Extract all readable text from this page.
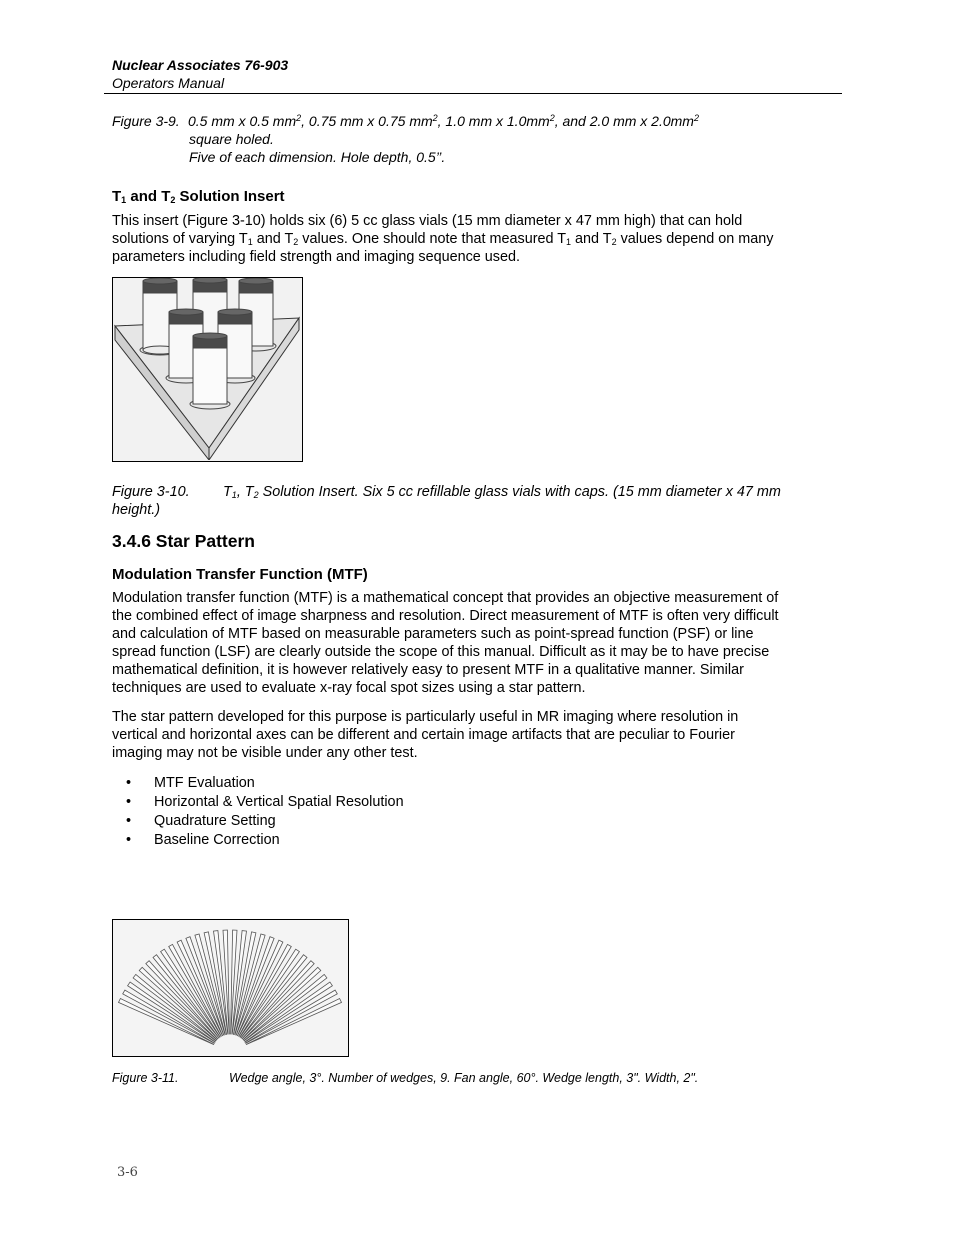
Nuclear Associates 76-903
Operators Manual
Figure 3-9. 0.5 mm x 0.5 $mm^2$, 0.75 mm x 0.75 $mm^2$, 1.0 mm x $1.0mm^2$, and 2.0 mm x $2.0mm^2$
square holed.
Five of each dimension. Hole depth, 0.5’’.
$T_1$ and $T_2$ Solution Insert
This insert (Figure 3-10) holds six (6) 5 cc glass vials (15 mm diameter x 47 mm high) that can hold
solutions of varying $T_1$ and $T_2$ values. One should note that measured $T_1$ and $T_2$ values depend on many
parameters including field strength and imaging sequence used.
Figure 3-10. $T_1$, $T_2$ Solution Insert. Six 5 cc refillable glass vials with caps. (15 mm diameter x 47 mm
height.)
3.4.6 Star Pattern
Modulation Transfer Function (MTF)
Modulation transfer function (MTF) is a mathematical concept that provides an objective measurement of
the combined effect of image sharpness and resolution. Direct measurement of MTF is often very difficult
and calculation of MTF based on measurable parameters such as point-spread function (PSF) or line
spread function (LSF) are clearly outside the scope of this manual. Difficult as it may be to have precise
mathematical definition, it is however relatively easy to present MTF in a qualitative manner. Similar
techniques are used to evaluate x-ray focal spot sizes using a star pattern.
The star pattern developed for this purpose is particularly useful in MR imaging where resolution in
vertical and horizontal axes can be different and certain image artifacts that are peculiar to Fourier
imaging may not be visible under any other test.
• MTF Evaluation
• Horizontal & Vertical Spatial Resolution
• Quadrature Setting
• Baseline Correction
Figure 3-11.	Wedge angle, 3°. Number of wedges, 9. Fan angle, 60°. Wedge length, 3". Width, 2".
3-6
